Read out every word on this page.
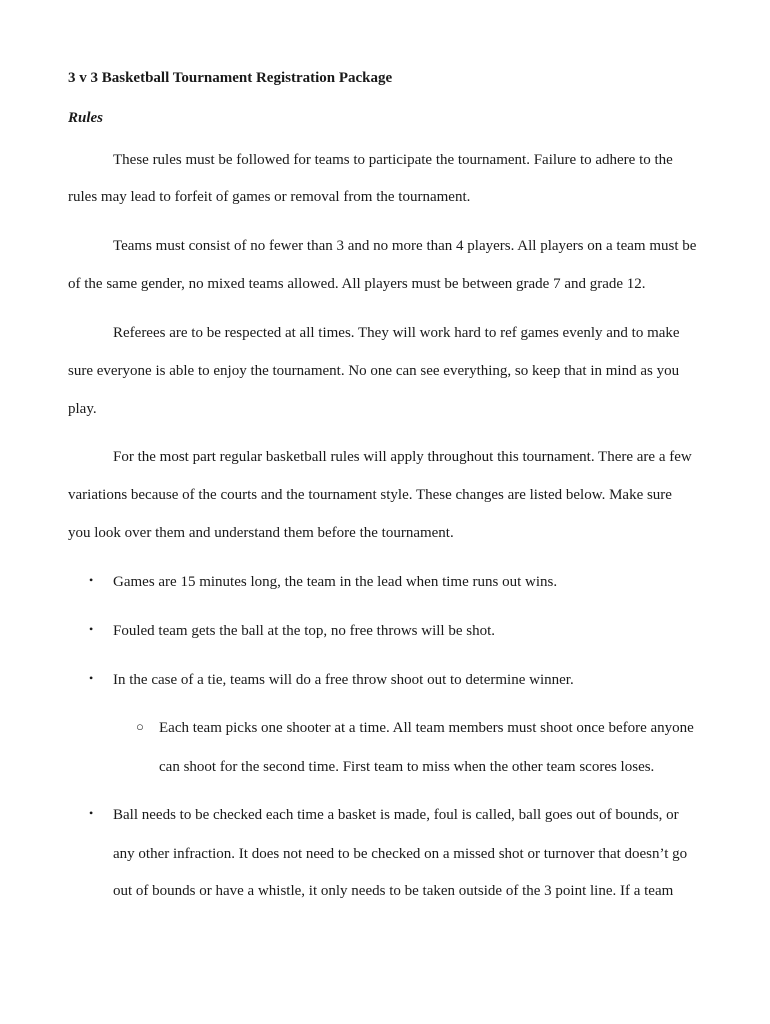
3 v 3 Basketball Tournament Registration Package
Rules

These rules must be followed for teams to participate the tournament. Failure to adhere to the

rules may lead to forfeit of games or removal from the tournament.

Teams must consist of no fewer than 3 and no more than 4 players. All players on a team must be

of the same gender, no mixed teams allowed. All players must be between grade 7 and grade 12.

Referees are to be respected at all times. They will work hard to ref games evenly and to make

sure everyone is able to enjoy the tournament. No one can see everything, so keep that in mind as you

play.

For the most part regular basketball rules will apply throughout this tournament. There are a few

variations because of the courts and the tournament style. These changes are listed below. Make sure

you look over them and understand them before the tournament.

• Games are 15 minutes long, the team in the lead when time runs out wins.

• Fouled team gets the ball at the top, no free throws will be shot.

• In the case of a tie, teams will do a free throw shoot out to determine winner.

○ Each team picks one shooter at a time. All team members must shoot once before anyone

can shoot for the second time. First team to miss when the other team scores loses.

• Ball needs to be checked each time a basket is made, foul is called, ball goes out of bounds, or

any other infraction. It does not need to be checked on a missed shot or turnover that doesn’t go

out of bounds or have a whistle, it only needs to be taken outside of the 3 point line. If a team
